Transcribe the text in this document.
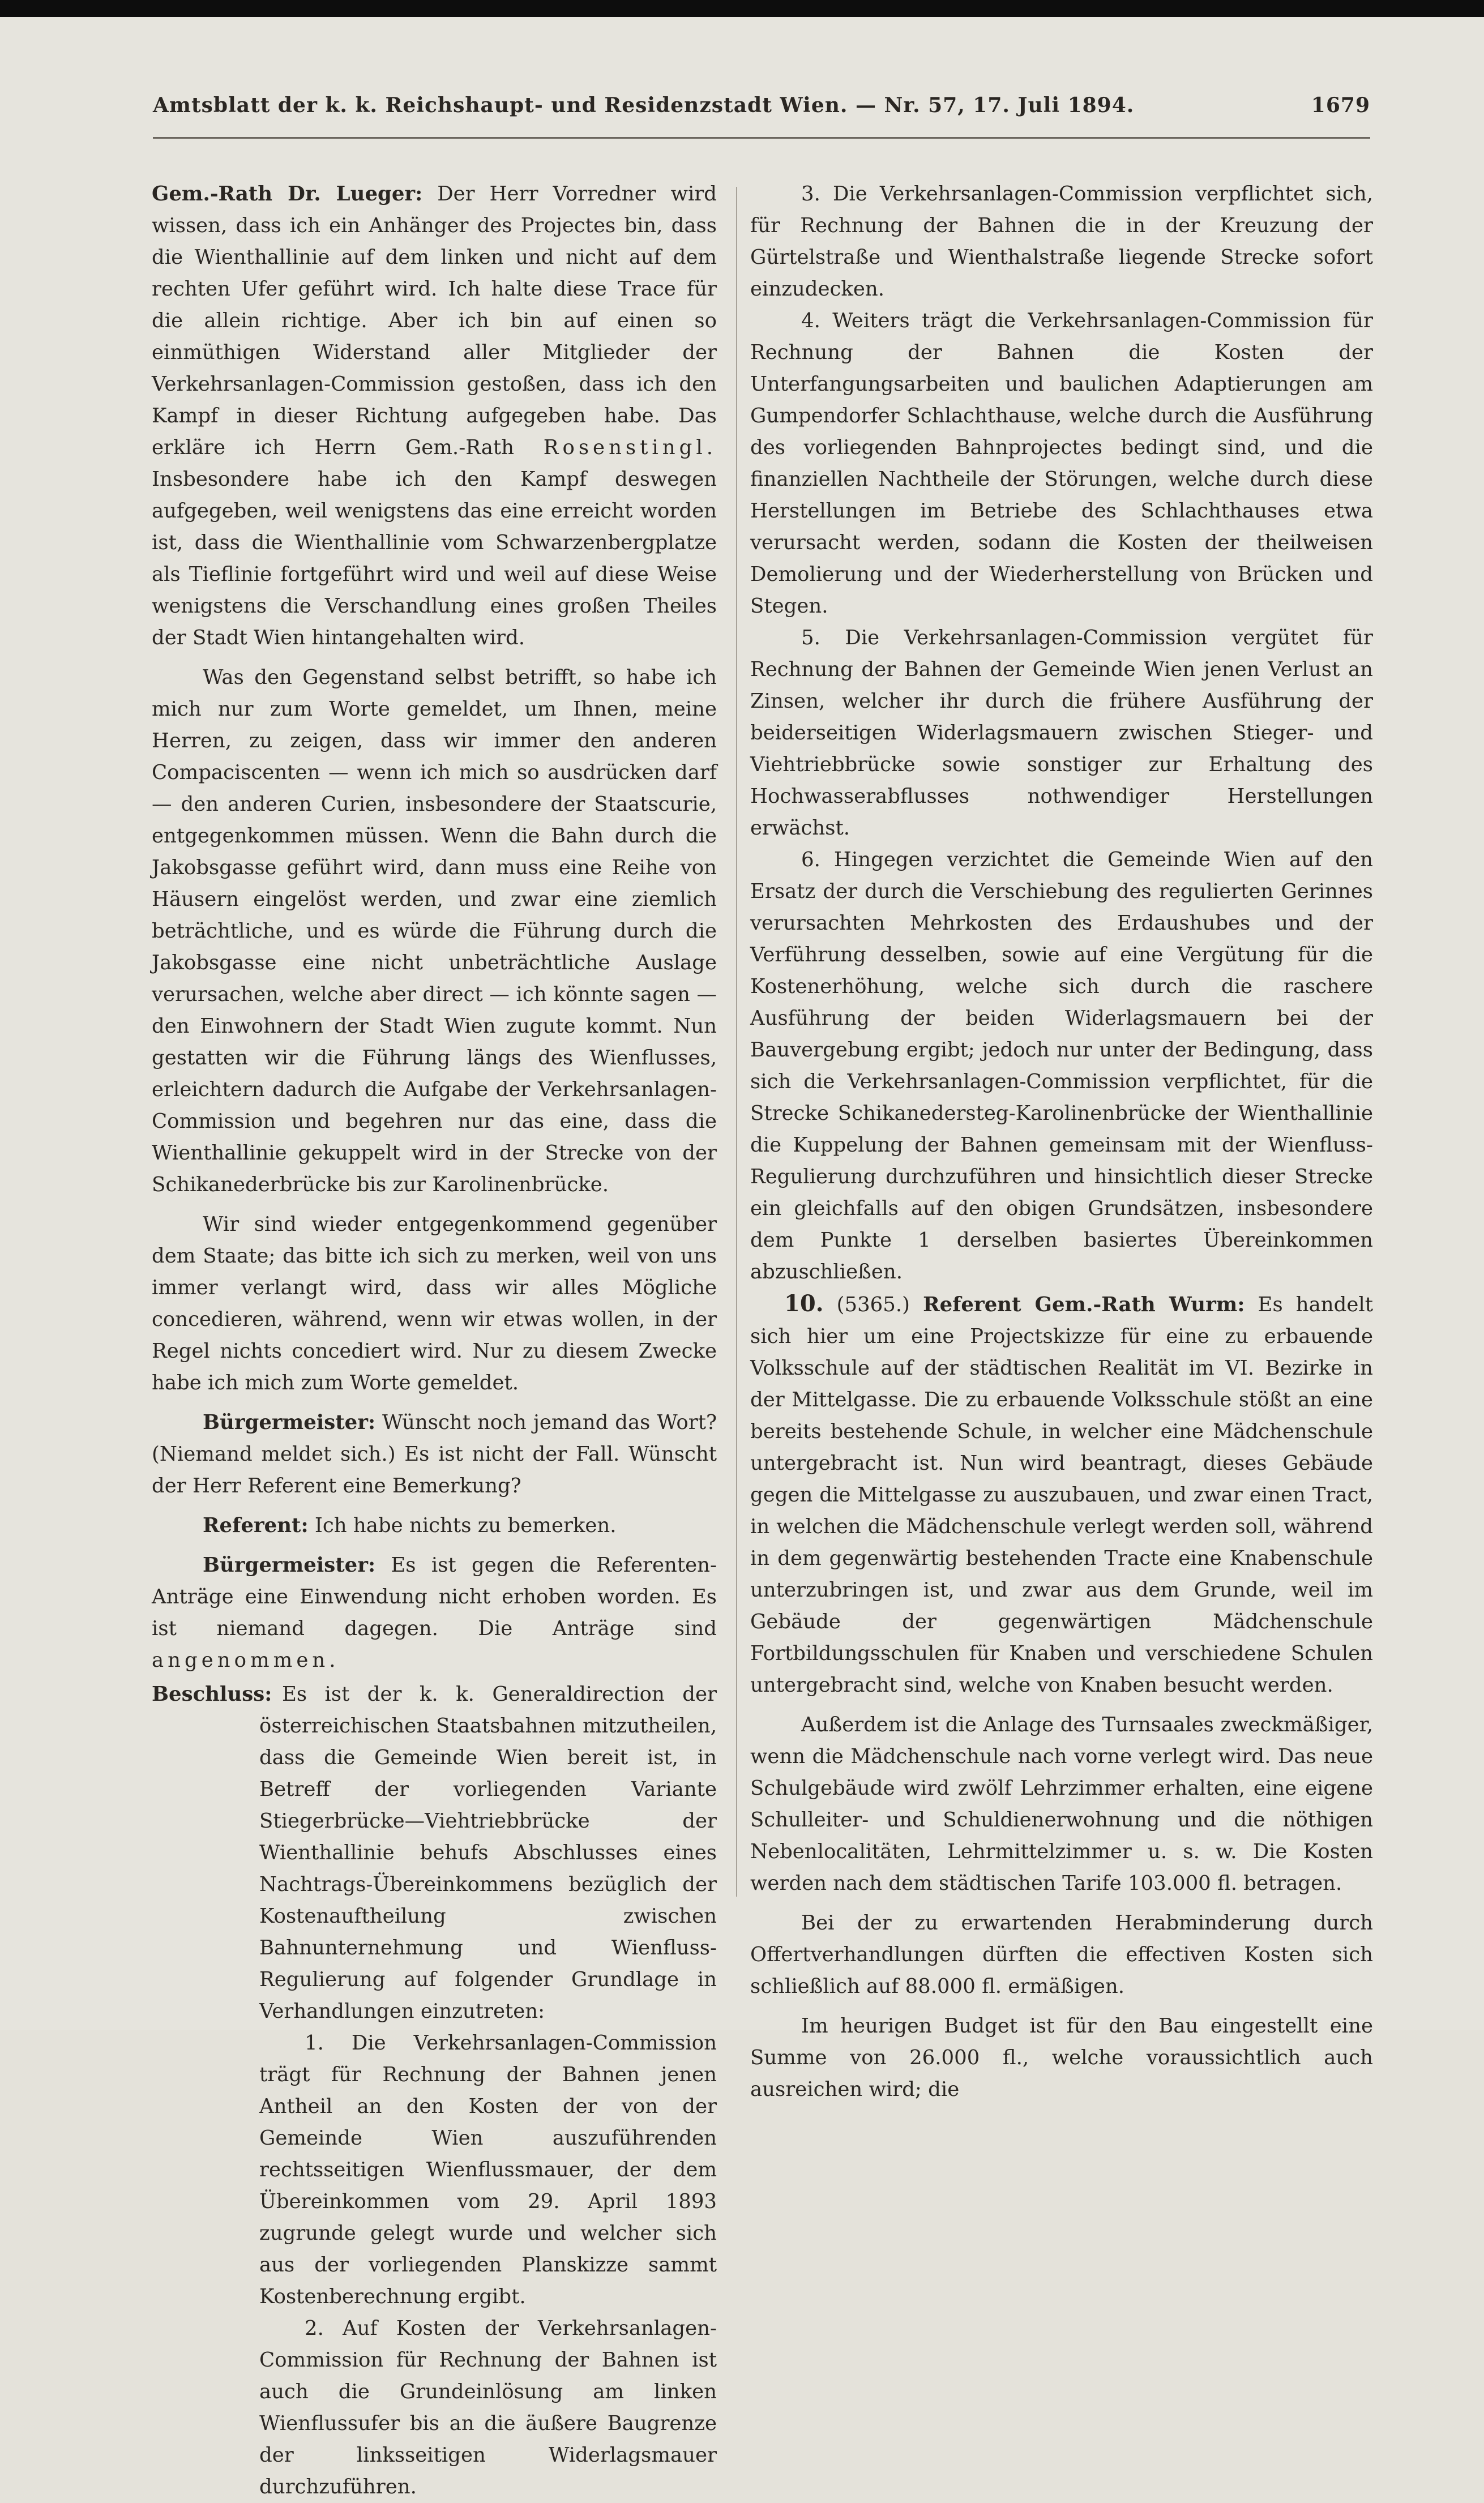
Amtsblatt der k. k. Reichshaupt- und Residenzstadt Wien. — Nr. 57, 17. Juli 1894.	1679

Gem.-Rath Dr. Lueger: Der Herr Vorredner wird wissen, dass ich ein Anhänger des Projectes bin, dass die Wienthallinie auf dem linken und nicht auf dem rechten Ufer geführt wird. Ich halte diese Trace für die allein richtige. Aber ich bin auf einen so einmüthigen Widerstand aller Mitglieder der Verkehrsanlagen-Commission gestoßen, dass ich den Kampf in dieser Richtung aufgegeben habe. Das erkläre ich Herrn Gem.-Rath Rosenstingl. Insbesondere habe ich den Kampf deswegen aufgegeben, weil wenigstens das eine erreicht worden ist, dass die Wienthallinie vom Schwarzenbergplatze als Tieflinie fortgeführt wird und weil auf diese Weise wenigstens die Verschandlung eines großen Theiles der Stadt Wien hintangehalten wird.

Was den Gegenstand selbst betrifft, so habe ich mich nur zum Worte gemeldet, um Ihnen, meine Herren, zu zeigen, dass wir immer den anderen Compaciscenten — wenn ich mich so ausdrücken darf — den anderen Curien, insbesondere der Staatscurie, entgegenkommen müssen. Wenn die Bahn durch die Jakobsgasse geführt wird, dann muss eine Reihe von Häusern eingelöst werden, und zwar eine ziemlich beträchtliche, und es würde die Führung durch die Jakobsgasse eine nicht unbeträchtliche Auslage verursachen, welche aber direct — ich könnte sagen — den Einwohnern der Stadt Wien zugute kommt. Nun gestatten wir die Führung längs des Wienflusses, erleichtern dadurch die Aufgabe der Verkehrsanlagen-Commission und begehren nur das eine, dass die Wienthallinie gekuppelt wird in der Strecke von der Schikanederbrücke bis zur Karolinenbrücke.

Wir sind wieder entgegenkommend gegenüber dem Staate; das bitte ich sich zu merken, weil von uns immer verlangt wird, dass wir alles Mögliche concedieren, während, wenn wir etwas wollen, in der Regel nichts concediert wird. Nur zu diesem Zwecke habe ich mich zum Worte gemeldet.

Bürgermeister: Wünscht noch jemand das Wort? (Niemand meldet sich.) Es ist nicht der Fall. Wünscht der Herr Referent eine Bemerkung?

Referent: Ich habe nichts zu bemerken.

Bürgermeister: Es ist gegen die Referenten-Anträge eine Einwendung nicht erhoben worden. Es ist niemand dagegen. Die Anträge sind angenommen.

Beschluss: Es ist der k. k. Generaldirection der österreichischen Staatsbahnen mitzutheilen, dass die Gemeinde Wien bereit ist, in Betreff der vorliegenden Variante Stiegerbrücke—Viehtriebbrücke der Wienthallinie behufs Abschlusses eines Nachtrags-Übereinkommens bezüglich der Kostenauftheilung zwischen Bahnunternehmung und Wienfluss-Regulierung auf folgender Grundlage in Verhandlungen einzutreten:

1. Die Verkehrsanlagen-Commission trägt für Rechnung der Bahnen jenen Antheil an den Kosten der von der Gemeinde Wien auszuführenden rechtsseitigen Wienflussmauer, der dem Übereinkommen vom 29. April 1893 zugrunde gelegt wurde und welcher sich aus der vorliegenden Planskizze sammt Kostenberechnung ergibt.

2. Auf Kosten der Verkehrsanlagen-Commission für Rechnung der Bahnen ist auch die Grundeinlösung am linken Wienflussufer bis an die äußere Baugrenze der linksseitigen Widerlagsmauer durchzuführen.

3. Die Verkehrsanlagen-Commission verpflichtet sich, für Rechnung der Bahnen die in der Kreuzung der Gürtelstraße und Wienthalstraße liegende Strecke sofort einzudecken.

4. Weiters trägt die Verkehrsanlagen-Commission für Rechnung der Bahnen die Kosten der Unterfangungsarbeiten und baulichen Adaptierungen am Gumpendorfer Schlachthause, welche durch die Ausführung des vorliegenden Bahnprojectes bedingt sind, und die finanziellen Nachtheile der Störungen, welche durch diese Herstellungen im Betriebe des Schlachthauses etwa verursacht werden, sodann die Kosten der theilweisen Demolierung und der Wiederherstellung von Brücken und Stegen.

5. Die Verkehrsanlagen-Commission vergütet für Rechnung der Bahnen der Gemeinde Wien jenen Verlust an Zinsen, welcher ihr durch die frühere Ausführung der beiderseitigen Widerlagsmauern zwischen Stieger- und Viehtriebbrücke sowie sonstiger zur Erhaltung des Hochwasserabflusses nothwendiger Herstellungen erwächst.

6. Hingegen verzichtet die Gemeinde Wien auf den Ersatz der durch die Verschiebung des regulierten Gerinnes verursachten Mehrkosten des Erdaushubes und der Verführung desselben, sowie auf eine Vergütung für die Kostenerhöhung, welche sich durch die raschere Ausführung der beiden Widerlagsmauern bei der Bauvergebung ergibt; jedoch nur unter der Bedingung, dass sich die Verkehrsanlagen-Commission verpflichtet, für die Strecke Schikanedersteg-Karolinenbrücke der Wienthallinie die Kuppelung der Bahnen gemeinsam mit der Wienfluss-Regulierung durchzuführen und hinsichtlich dieser Strecke ein gleichfalls auf den obigen Grundsätzen, insbesondere dem Punkte 1 derselben basiertes Übereinkommen abzuschließen.

10. (5365.) Referent Gem.-Rath Wurm: Es handelt sich hier um eine Projectskizze für eine zu erbauende Volksschule auf der städtischen Realität im VI. Bezirke in der Mittelgasse. Die zu erbauende Volksschule stößt an eine bereits bestehende Schule, in welcher eine Mädchenschule untergebracht ist. Nun wird beantragt, dieses Gebäude gegen die Mittelgasse zu auszubauen, und zwar einen Tract, in welchen die Mädchenschule verlegt werden soll, während in dem gegenwärtig bestehenden Tracte eine Knabenschule unterzubringen ist, und zwar aus dem Grunde, weil im Gebäude der gegenwärtigen Mädchenschule Fortbildungsschulen für Knaben und verschiedene Schulen untergebracht sind, welche von Knaben besucht werden.

Außerdem ist die Anlage des Turnsaales zweckmäßiger, wenn die Mädchenschule nach vorne verlegt wird. Das neue Schulgebäude wird zwölf Lehrzimmer erhalten, eine eigene Schulleiter- und Schuldienerwohnung und die nöthigen Nebenlocalitäten, Lehrmittelzimmer u. s. w. Die Kosten werden nach dem städtischen Tarife 103.000 fl. betragen.

Bei der zu erwartenden Herabminderung durch Offertverhandlungen dürften die effectiven Kosten sich schließlich auf 88.000 fl. ermäßigen.

Im heurigen Budget ist für den Bau eingestellt eine Summe von 26.000 fl., welche voraussichtlich auch ausreichen wird; die
